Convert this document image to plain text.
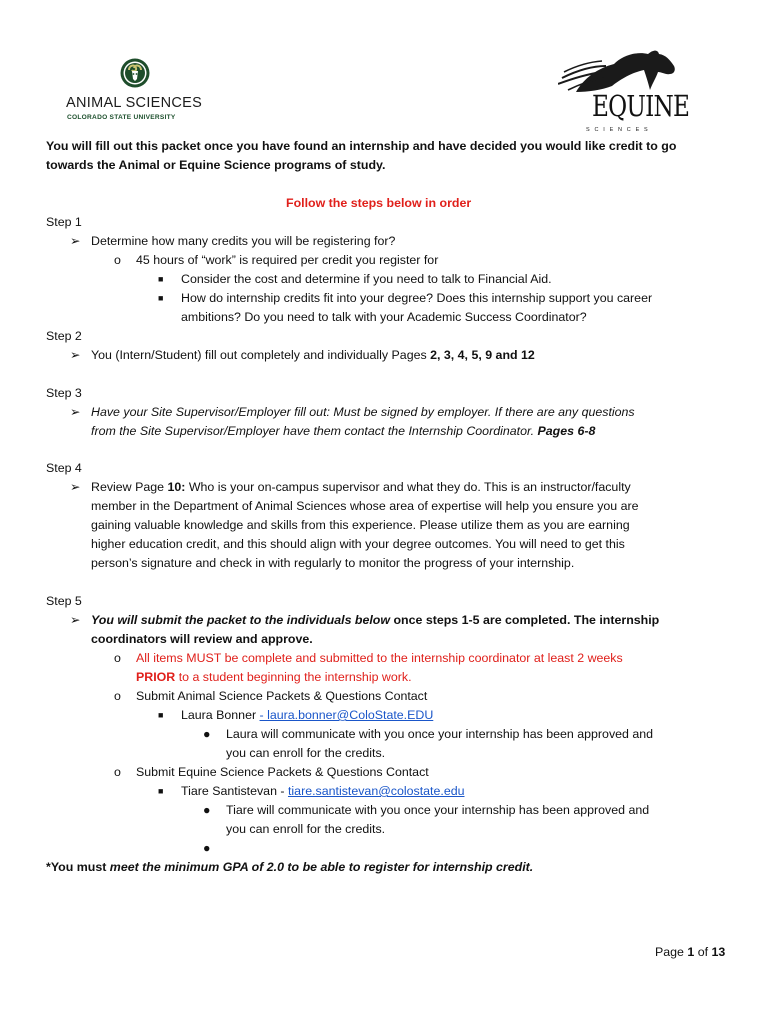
ANIMAL SCIENCES
COLORADO STATE UNIVERSITY	EQUINE
SCIENCES
You will fill out this packet once you have found an internship and have decided you would like credit to go
towards the Animal or Equine Science programs of study.
Follow the steps below in order
Step 1
➢ Determine how many credits you will be registering for?
o 45 hours of “work” is required per credit you register for
■ Consider the cost and determine if you need to talk to Financial Aid.
■ How do internship credits fit into your degree? Does this internship support you career
ambitions? Do you need to talk with your Academic Success Coordinator?
Step 2
➢ You (Intern/Student) fill out completely and individually Pages 2, 3, 4, 5, 9 and 12
Step 3
➢ Have your Site Supervisor/Employer fill out: Must be signed by employer. If there are any questions
from the Site Supervisor/Employer have them contact the Internship Coordinator. Pages 6-8
Step 4
➢ Review Page 10: Who is your on-campus supervisor and what they do. This is an instructor/faculty
member in the Department of Animal Sciences whose area of expertise will help you ensure you are
gaining valuable knowledge and skills from this experience. Please utilize them as you are earning
higher education credit, and this should align with your degree outcomes. You will need to get this
person’s signature and check in with regularly to monitor the progress of your internship.
Step 5
➢ You will submit the packet to the individuals below once steps 1-5 are completed. The internship
coordinators will review and approve.
o All items MUST be complete and submitted to the internship coordinator at least 2 weeks
PRIOR to a student beginning the internship work.
o Submit Animal Science Packets & Questions Contact
■ Laura Bonner - laura.bonner@ColoState.EDU
● Laura will communicate with you once your internship has been approved and
you can enroll for the credits.
o Submit Equine Science Packets & Questions Contact
■ Tiare Santistevan - tiare.santistevan@colostate.edu
● Tiare will communicate with you once your internship has been approved and
you can enroll for the credits.
●
*You must meet the minimum GPA of 2.0 to be able to register for internship credit.
Page 1 of 13
